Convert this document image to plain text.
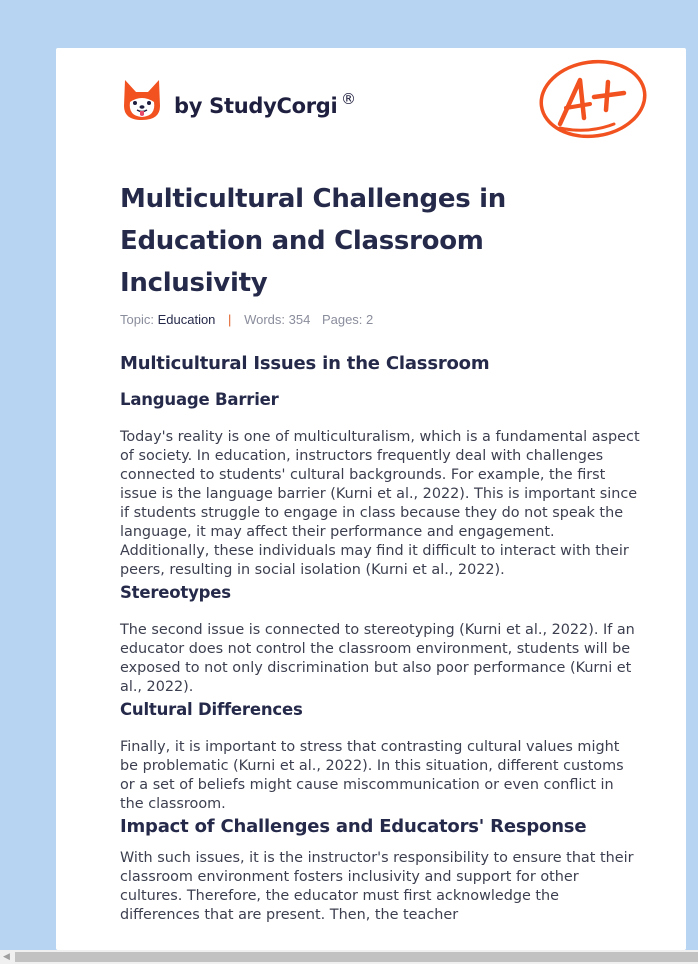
by StudyCorgi ®
Multicultural Challenges in Education and Classroom Inclusivity
Topic: Education | Words: 354 Pages: 2
Multicultural Issues in the Classroom
Language Barrier

Today's reality is one of multiculturalism, which is a fundamental aspect of society. In education, instructors frequently deal with challenges connected to students' cultural backgrounds. For example, the first issue is the language barrier (Kurni et al., 2022). This is important since if students struggle to engage in class because they do not speak the language, it may affect their performance and engagement. Additionally, these individuals may find it difficult to interact with their peers, resulting in social isolation (Kurni et al., 2022).

Stereotypes

The second issue is connected to stereotyping (Kurni et al., 2022). If an educator does not control the classroom environment, students will be exposed to not only discrimination but also poor performance (Kurni et al., 2022).

Cultural Differences

Finally, it is important to stress that contrasting cultural values might be problematic (Kurni et al., 2022). In this situation, different customs or a set of beliefs might cause miscommunication or even conflict in the classroom.

Impact of Challenges and Educators' Response

With such issues, it is the instructor's responsibility to ensure that their classroom environment fosters inclusivity and support for other cultures. Therefore, the educator must first acknowledge the differences that are present. Then, the teacher

◀
